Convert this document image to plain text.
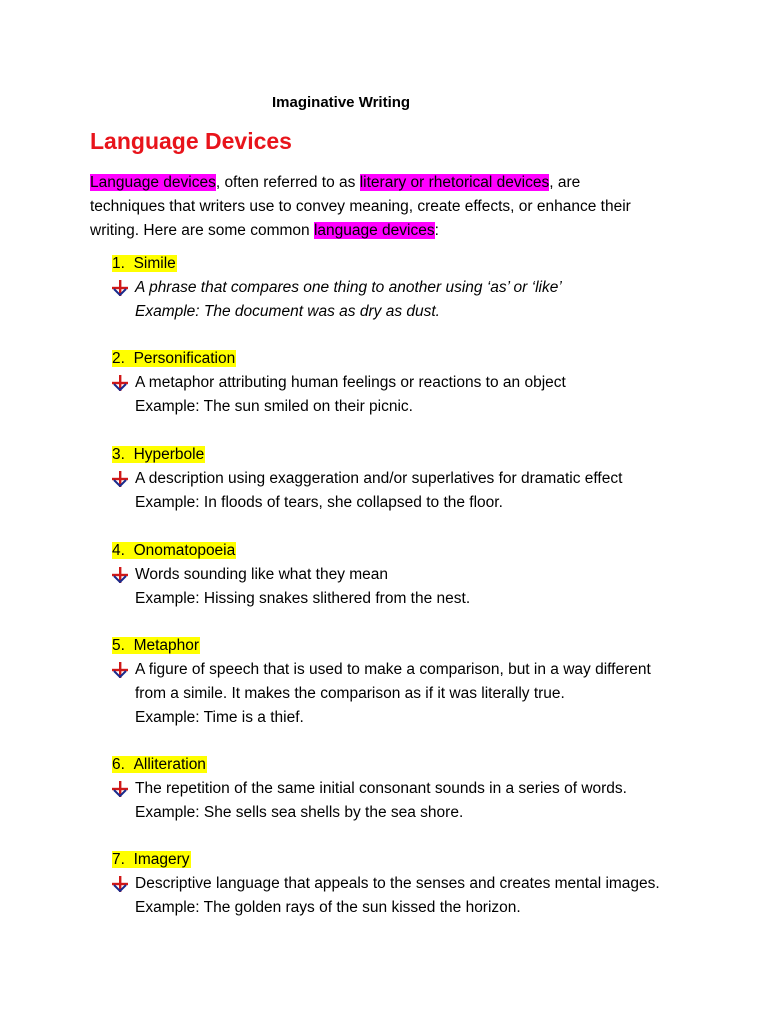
Imaginative Writing
Language Devices
Language devices, often referred to as literary or rhetorical devices, are
techniques that writers use to convey meaning, create effects, or enhance their
writing. Here are some common language devices:
1. Simile
A phrase that compares one thing to another using ‘as’ or ‘like’
Example: The document was as dry as dust.
2. Personification
A metaphor attributing human feelings or reactions to an object
Example: The sun smiled on their picnic.
3. Hyperbole
A description using exaggeration and/or superlatives for dramatic effect
Example: In floods of tears, she collapsed to the floor.
4. Onomatopoeia
Words sounding like what they mean
Example: Hissing snakes slithered from the nest.
5. Metaphor
A figure of speech that is used to make a comparison, but in a way different
from a simile. It makes the comparison as if it was literally true.
Example: Time is a thief.
6. Alliteration
The repetition of the same initial consonant sounds in a series of words.
Example: She sells sea shells by the sea shore.
7. Imagery
Descriptive language that appeals to the senses and creates mental images.
Example: The golden rays of the sun kissed the horizon.
